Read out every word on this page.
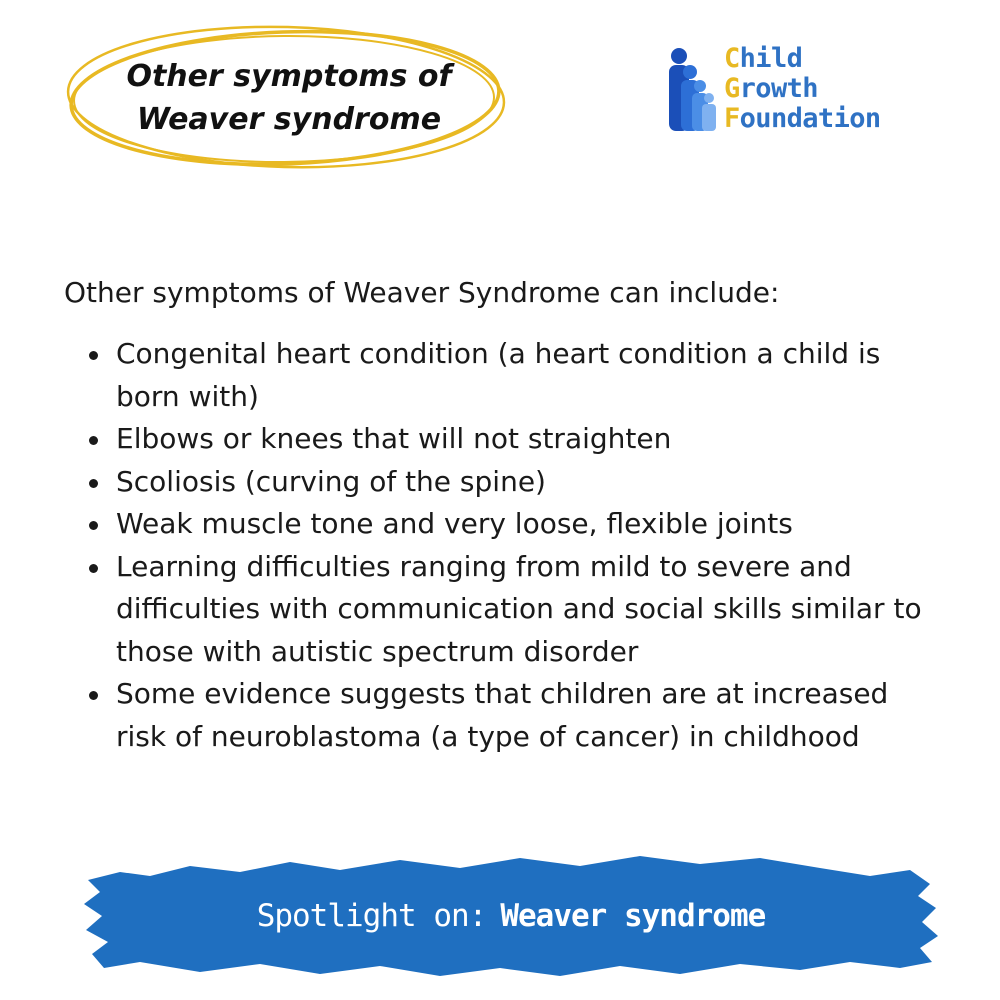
Other symptoms of
Weaver syndrome
Child
Growth
Foundation

Other symptoms of Weaver Syndrome can include:

Congenital heart condition (a heart condition a child is born with)
Elbows or knees that will not straighten
Scoliosis (curving of the spine)
Weak muscle tone and very loose, flexible joints
Learning difficulties ranging from mild to severe and difficulties with communication and social skills similar to those with autistic spectrum disorder
Some evidence suggests that children are at increased risk of neuroblastoma (a type of cancer) in childhood
Spotlight on: Weaver syndrome
